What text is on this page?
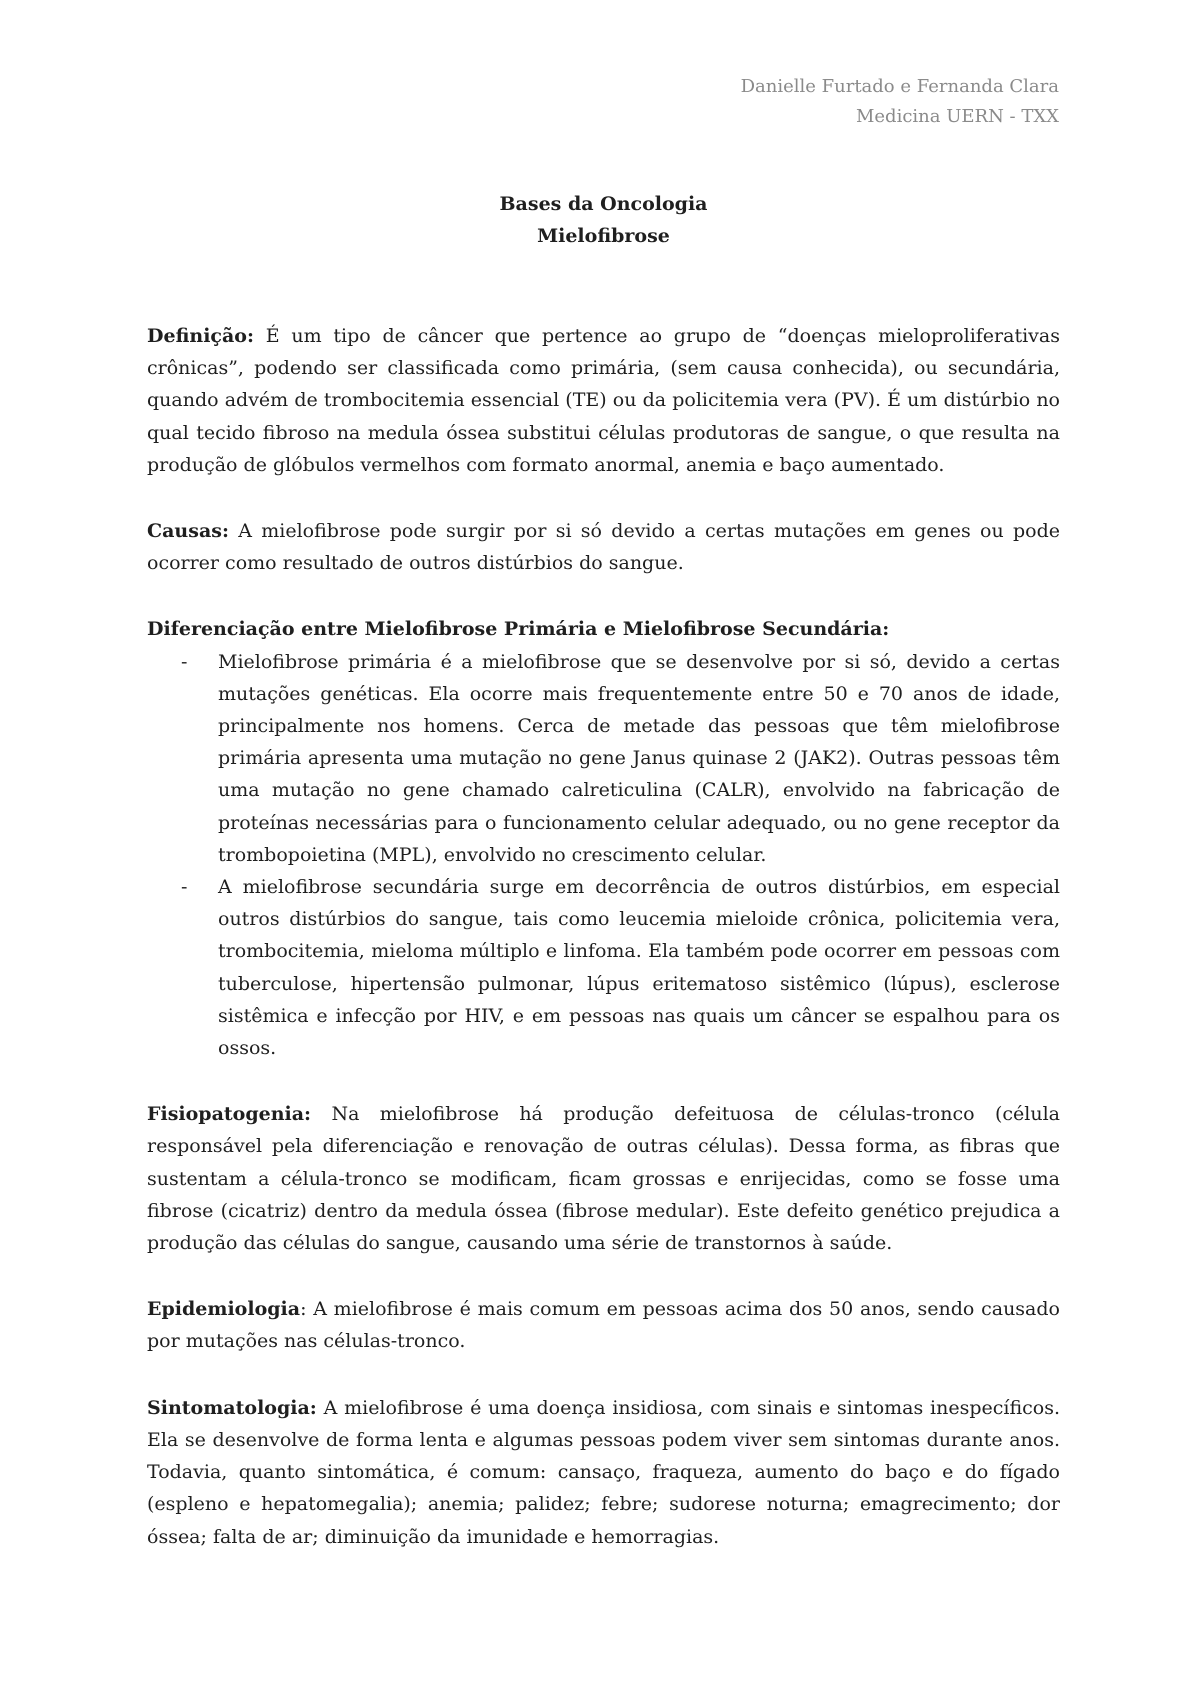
Danielle Furtado e Fernanda Clara
Medicina UERN - TXX
Bases da Oncologia
Mielofibrose

Definição: É um tipo de câncer que pertence ao grupo de “doenças mieloproliferativas crônicas”, podendo ser classificada como primária, (sem causa conhecida), ou secundária, quando advém de trombocitemia essencial (TE) ou da policitemia vera (PV). É um distúrbio no qual tecido fibroso na medula óssea substitui células produtoras de sangue, o que resulta na produção de glóbulos vermelhos com formato anormal, anemia e baço aumentado.

Causas: A mielofibrose pode surgir por si só devido a certas mutações em genes ou pode ocorrer como resultado de outros distúrbios do sangue.

Diferenciação entre Mielofibrose Primária e Mielofibrose Secundária:

- Mielofibrose primária é a mielofibrose que se desenvolve por si só, devido a certas mutações genéticas. Ela ocorre mais frequentemente entre 50 e 70 anos de idade, principalmente nos homens. Cerca de metade das pessoas que têm mielofibrose primária apresenta uma mutação no gene Janus quinase 2 (JAK2). Outras pessoas têm uma mutação no gene chamado calreticulina (CALR), envolvido na fabricação de proteínas necessárias para o funcionamento celular adequado, ou no gene receptor da trombopoietina (MPL), envolvido no crescimento celular.
- A mielofibrose secundária surge em decorrência de outros distúrbios, em especial outros distúrbios do sangue, tais como leucemia mieloide crônica, policitemia vera, trombocitemia, mieloma múltiplo e linfoma. Ela também pode ocorrer em pessoas com tuberculose, hipertensão pulmonar, lúpus eritematoso sistêmico (lúpus), esclerose sistêmica e infecção por HIV, e em pessoas nas quais um câncer se espalhou para os ossos.

Fisiopatogenia: Na mielofibrose há produção defeituosa de células-tronco (célula responsável pela diferenciação e renovação de outras células). Dessa forma, as fibras que sustentam a célula-tronco se modificam, ficam grossas e enrijecidas, como se fosse uma fibrose (cicatriz) dentro da medula óssea (fibrose medular). Este defeito genético prejudica a produção das células do sangue, causando uma série de transtornos à saúde.

Epidemiologia: A mielofibrose é mais comum em pessoas acima dos 50 anos, sendo causado por mutações nas células-tronco.

Sintomatologia: A mielofibrose é uma doença insidiosa, com sinais e sintomas inespecíficos. Ela se desenvolve de forma lenta e algumas pessoas podem viver sem sintomas durante anos. Todavia, quanto sintomática, é comum: cansaço, fraqueza, aumento do baço e do fígado (espleno e hepatomegalia); anemia; palidez; febre; sudorese noturna; emagrecimento; dor óssea; falta de ar; diminuição da imunidade e hemorragias.
